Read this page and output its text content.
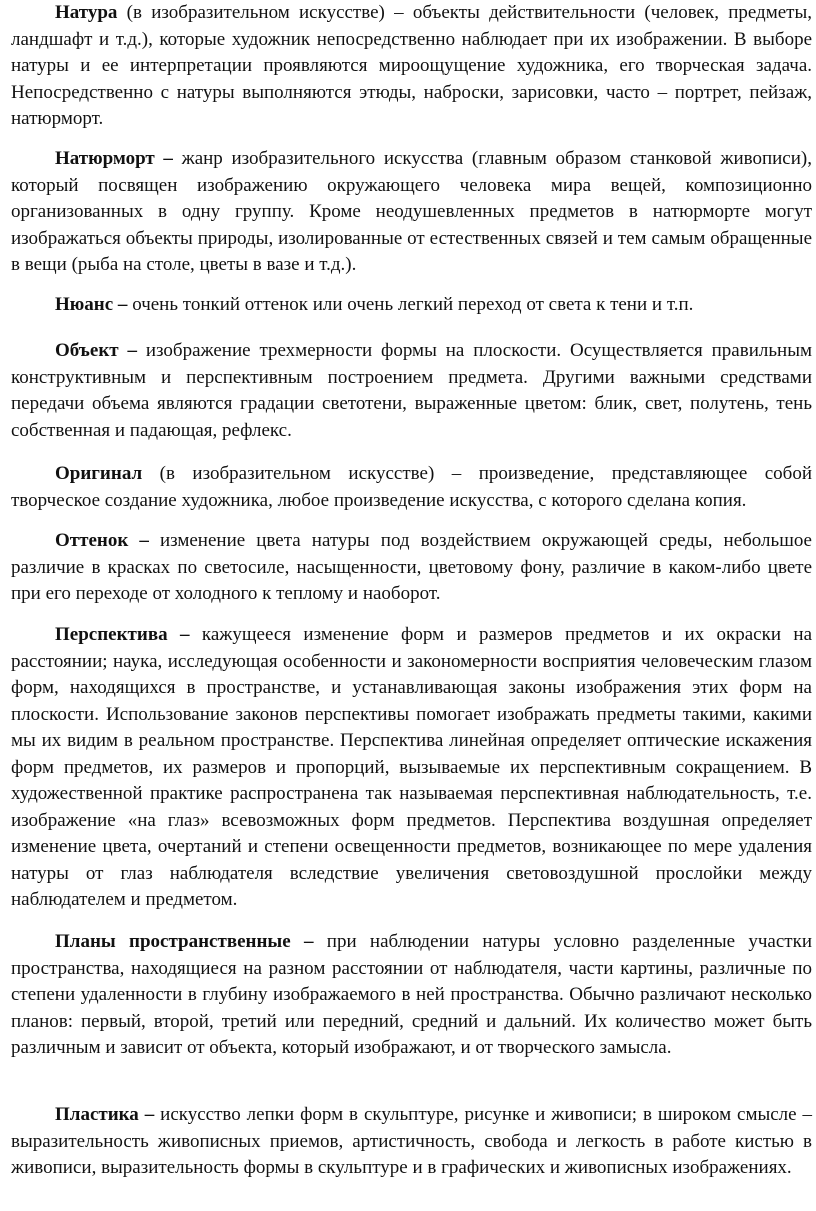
Натура (в изобразительном искусстве) – объекты действительности (человек, предметы, ландшафт и т.д.), которые художник непосредственно наблюдает при их изображении. В выборе натуры и ее интерпретации проявляются мироощущение художника, его творческая задача. Непосредственно с натуры выполняются этюды, наброски, зарисовки, часто – портрет, пейзаж, натюрморт.

Натюрморт – жанр изобразительного искусства (главным образом станковой живописи), который посвящен изображению окружающего человека мира вещей, композиционно организованных в одну группу. Кроме неодушевленных предметов в натюрморте могут изображаться объекты природы, изолированные от естественных связей и тем самым обращенные в вещи (рыба на столе, цветы в вазе и т.д.).

Нюанс – очень тонкий оттенок или очень легкий переход от света к тени и т.п.

Объект – изображение трехмерности формы на плоскости. Осуществляется правильным конструктивным и перспективным построением предмета. Другими важными средствами передачи объема являются градации светотени, выраженные цветом: блик, свет, полутень, тень собственная и падающая, рефлекс.

Оригинал (в изобразительном искусстве) – произведение, представляющее собой творческое создание художника, любое произведение искусства, с которого сделана копия.

Оттенок – изменение цвета натуры под воздействием окружающей среды, небольшое различие в красках по светосиле, насыщенности, цветовому фону, различие в каком-либо цвете при его переходе от холодного к теплому и наоборот.

Перспектива – кажущееся изменение форм и размеров предметов и их окраски на расстоянии; наука, исследующая особенности и закономерности восприятия человеческим глазом форм, находящихся в пространстве, и устанавливающая законы изображения этих форм на плоскости. Использование законов перспективы помогает изображать предметы такими, какими мы их видим в реальном пространстве. Перспектива линейная определяет оптические искажения форм предметов, их размеров и пропорций, вызываемые их перспективным сокращением. В художественной практике распространена так называемая перспективная наблюдательность, т.е. изображение «на глаз» всевозможных форм предметов. Перспектива воздушная определяет изменение цвета, очертаний и степени освещенности предметов, возникающее по мере удаления натуры от глаз наблюдателя вследствие увеличения световоздушной прослойки между наблюдателем и предметом.

Планы пространственные – при наблюдении натуры условно разделенные участки пространства, находящиеся на разном расстоянии от наблюдателя, части картины, различные по степени удаленности в глубину изображаемого в ней пространства. Обычно различают несколько планов: первый, второй, третий или передний, средний и дальний. Их количество может быть различным и зависит от объекта, который изображают, и от творческого замысла.

Пластика – искусство лепки форм в скульптуре, рисунке и живописи; в широком смысле – выразительность живописных приемов, артистичность, свобода и легкость в работе кистью в живописи, выразительность формы в скульптуре и в графических и живописных изображениях.
